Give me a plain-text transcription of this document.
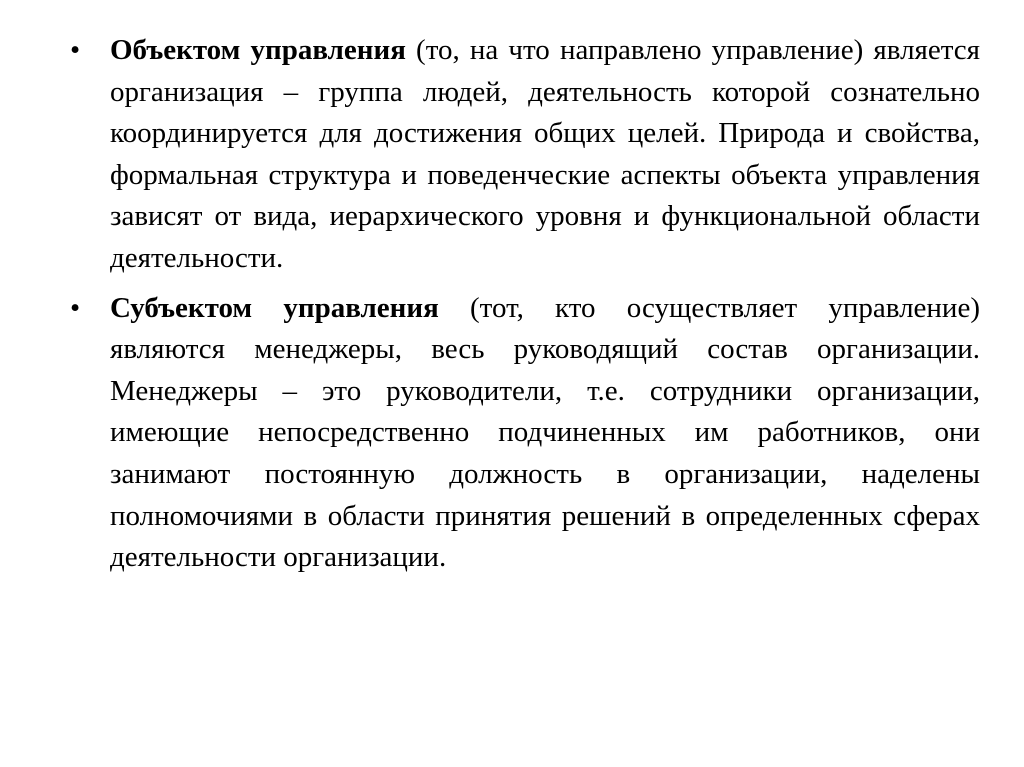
• Объектом управления (то, на что направлено управление) является организация – группа людей, деятельность которой сознательно координируется для достижения общих целей. Природа и свойства, формальная структура и поведенческие аспекты объекта управления зависят от вида, иерархического уровня и функциональной области деятельности.
• Субъектом управления (тот, кто осуществляет управление) являются менеджеры, весь руководящий состав организации. Менеджеры – это руководители, т.е. сотрудники организации, имеющие непосредственно подчиненных им работников, они занимают постоянную должность в организации, наделены полномочиями в области принятия решений в определенных сферах деятельности организации.
